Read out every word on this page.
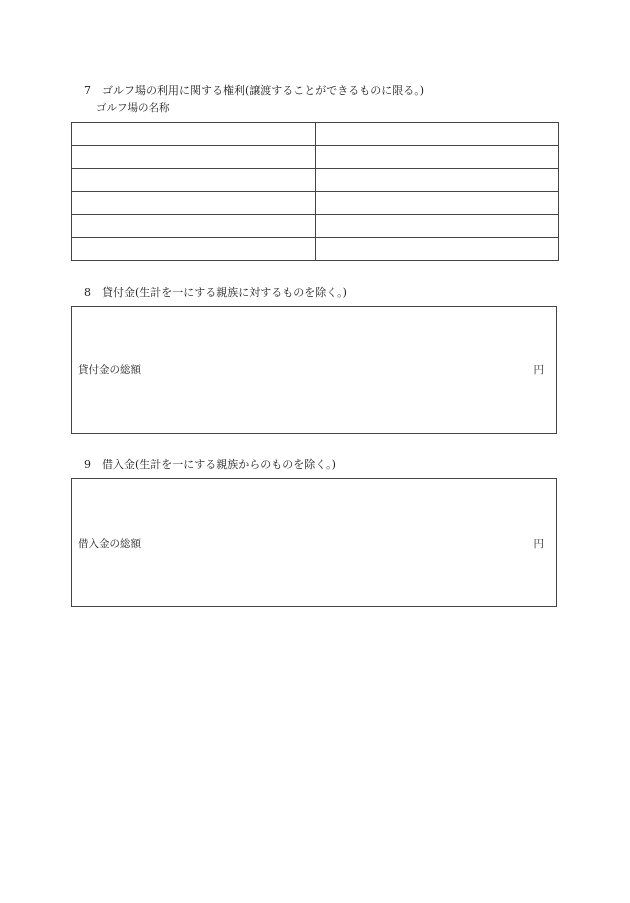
7 ゴルフ場の利用に関する権利(譲渡することができるものに限る。)
ゴルフ場の名称

8 貸付金(生計を一にする親族に対するものを除く。)
貸付金の総額	円
9 借入金(生計を一にする親族からのものを除く。)
借入金の総額	円
